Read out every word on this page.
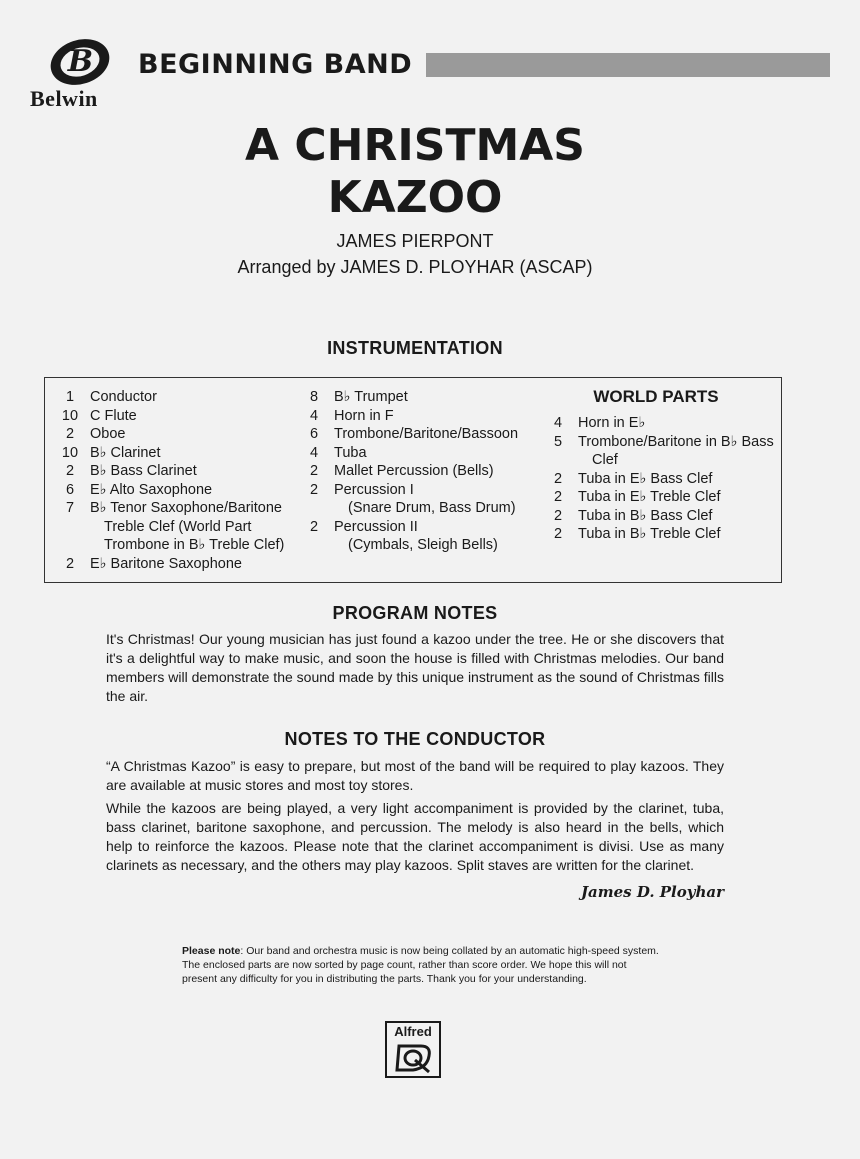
B
Belwin
BEGINNING BAND
A CHRISTMAS
KAZOO
JAMES PIERPONT
Arranged by JAMES D. PLOYHAR (ASCAP)
INSTRUMENTATION
1	Conductor
10 C Flute
2	Oboe
10 B♭ Clarinet
2	B♭ Bass Clarinet
6	E♭ Alto Saxophone
7	B♭ Tenor Saxophone/Baritone
Treble Clef (World Part
Trombone in B♭ Treble Clef)
2	E♭ Baritone Saxophone
8	B♭ Trumpet
4	Horn in F
6	Trombone/Baritone/Bassoon
4	Tuba
2	Mallet Percussion (Bells)
2	Percussion I
(Snare Drum, Bass Drum)
2	Percussion II
(Cymbals, Sleigh Bells)
WORLD PARTS
4	Horn in E♭
5	Trombone/Baritone in B♭ Bass
Clef
2	Tuba in E♭ Bass Clef
2	Tuba in E♭ Treble Clef
2	Tuba in B♭ Bass Clef
2	Tuba in B♭ Treble Clef
PROGRAM NOTES
It's Christmas! Our young musician has just found a kazoo under the tree. He or she discovers that it's a delightful way to make music, and soon the house is filled with Christmas melodies. Our band members will demonstrate the sound made by this unique instrument as the sound of Christmas fills the air.
NOTES TO THE CONDUCTOR
“A Christmas Kazoo” is easy to prepare, but most of the band will be required to play kazoos. They are available at music stores and most toy stores.
While the kazoos are being played, a very light accompaniment is provided by the clarinet, tuba, bass clarinet, baritone saxophone, and percussion. The melody is also heard in the bells, which help to reinforce the kazoos. Please note that the clarinet accompaniment is divisi. Use as many clarinets as necessary, and the others may play kazoos. Split staves are written for the clarinet.
James D. Ployhar
Please note: Our band and orchestra music is now being collated by an automatic high-speed system. The enclosed parts are now sorted by page count, rather than score order. We hope this will not present any difficulty for you in distributing the parts. Thank you for your understanding.
Alfred
